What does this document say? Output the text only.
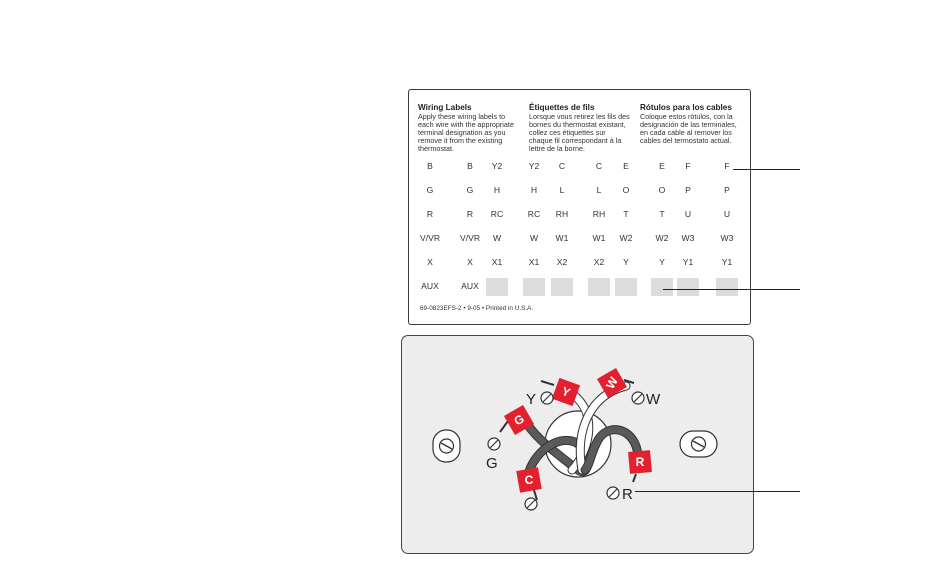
Wiring Labels

Apply these wiring labels to
each wire with the appropriate
terminal designation as you
remove it from the existing
thermostat.

Étiquettes de fils

Lorsque vous retirez les fils des
bornes du thermostat existant,
collez ces étiquettes sur
chaque fil correspondant à la
lettre de la borne.

Rótulos para los cables

Coloque estos rótulos, con la
designación de las terminales,
en cada cable al remover los
cables del termostato actual.

B	B Y2	Y2 C	C E	E F	F
G	G H	H	L	L O	O P	P
R	R RC	RC RH	RH T	T U	U
V/VR V/VR W	W W1	W1 W2	W2 W3	W3
X	X X1	X1 X2	X2 Y	Y Y1	Y1
AUX	AUX
69-0823EFS-2 • 9-05 • Printed in U.S.A.
G
Y
W
C
R
Y	W
G
R
